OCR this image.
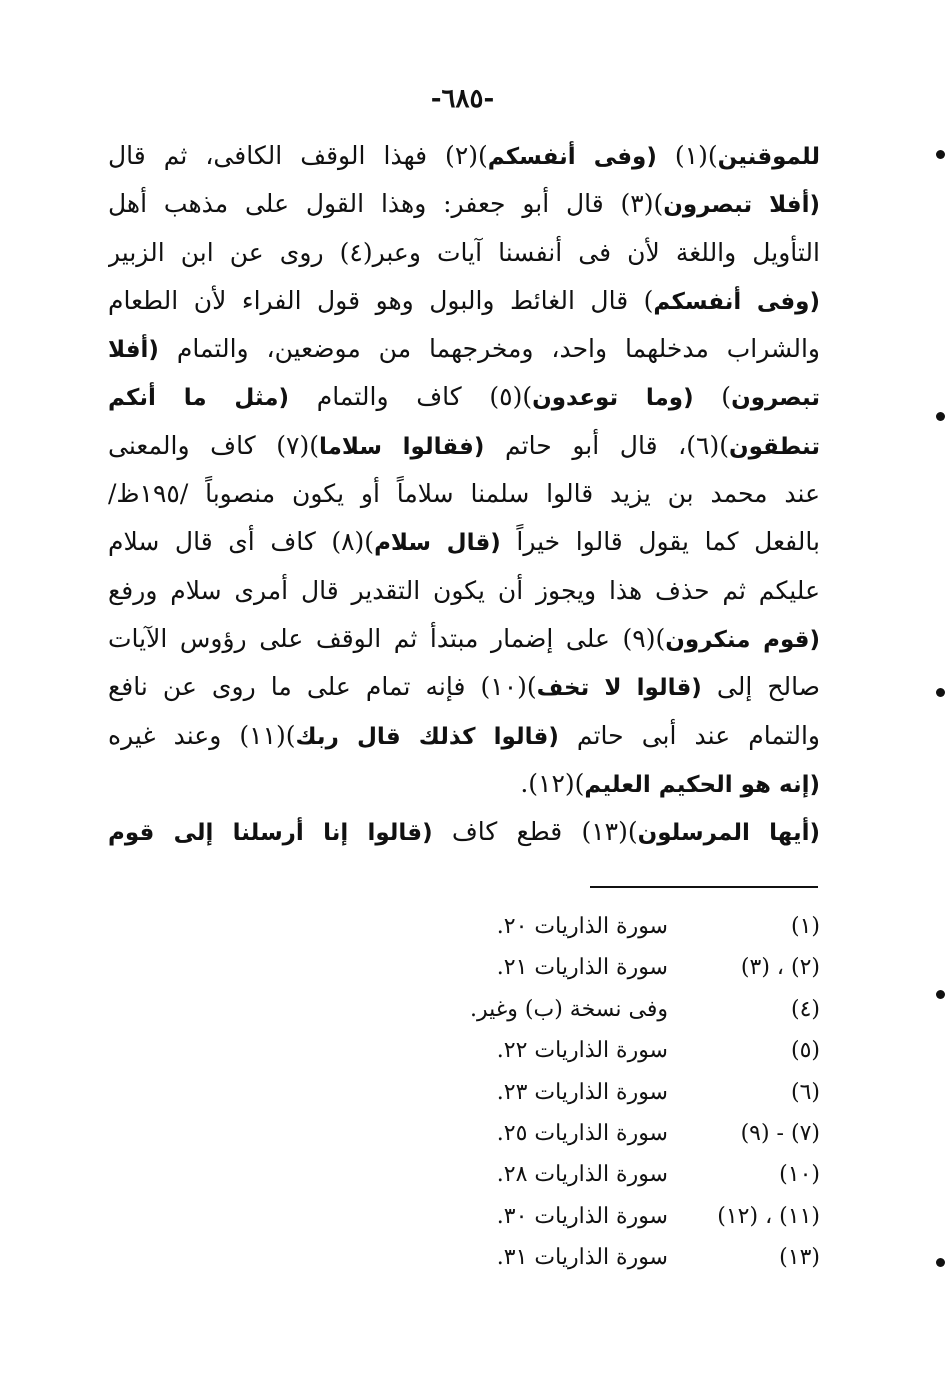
-٦٨٥-
للموقنين)(١) (وفى أنفسكم)(٢) فهذا الوقف الكافى، ثم قال
(أفلا تبصرون)(٣) قال أبو جعفر: وهذا القول على مذهب أهل
التأويل واللغة لأن فى أنفسنا آيات وعبر(٤) روى عن ابن الزبير
(وفى أنفسكم) قال الغائط والبول وهو قول الفراء لأن الطعام
والشراب مدخلهما واحد، ومخرجهما من موضعين، والتمام (أفلا
تبصرون) (وما توعدون)(٥) كاف والتمام (مثل ما أنكم
تنطقون)(٦)، قال أبو حاتم (فقالوا سلاما)(٧) كاف والمعنى
عند محمد بن يزيد قالوا سلمنا سلاماً أو يكون منصوباً /١٩٥ظ/
بالفعل كما يقول قالوا خيراً (قال سلام)(٨) كاف أى قال سلام
عليكم ثم حذف هذا ويجوز أن يكون التقدير قال أمرى سلام ورفع
(قوم منكرون)(٩) على إضمار مبتدأ ثم الوقف على رؤوس الآيات
صالح إلى (قالوا لا تخف)(١٠) فإنه تمام على ما روى عن نافع
والتمام عند أبى حاتم (قالوا كذلك قال ربك)(١١) وعند غيره
(إنه هو الحكيم العليم)(١٢).
(أيها المرسلون)(١٣) قطع كاف (قالوا إنا أرسلنا إلى قوم
(١)
سورة الذاريات ٢٠.
(٢) ، (٣)
سورة الذاريات ٢١.
(٤)
وفى نسخة (ب) وغير.
(٥)
سورة الذاريات ٢٢.
(٦)
سورة الذاريات ٢٣.
(٧) - (٩)
سورة الذاريات ٢٥.
(١٠)
سورة الذاريات ٢٨.
(١١) ، (١٢)
سورة الذاريات ٣٠.
(١٣)
سورة الذاريات ٣١.
